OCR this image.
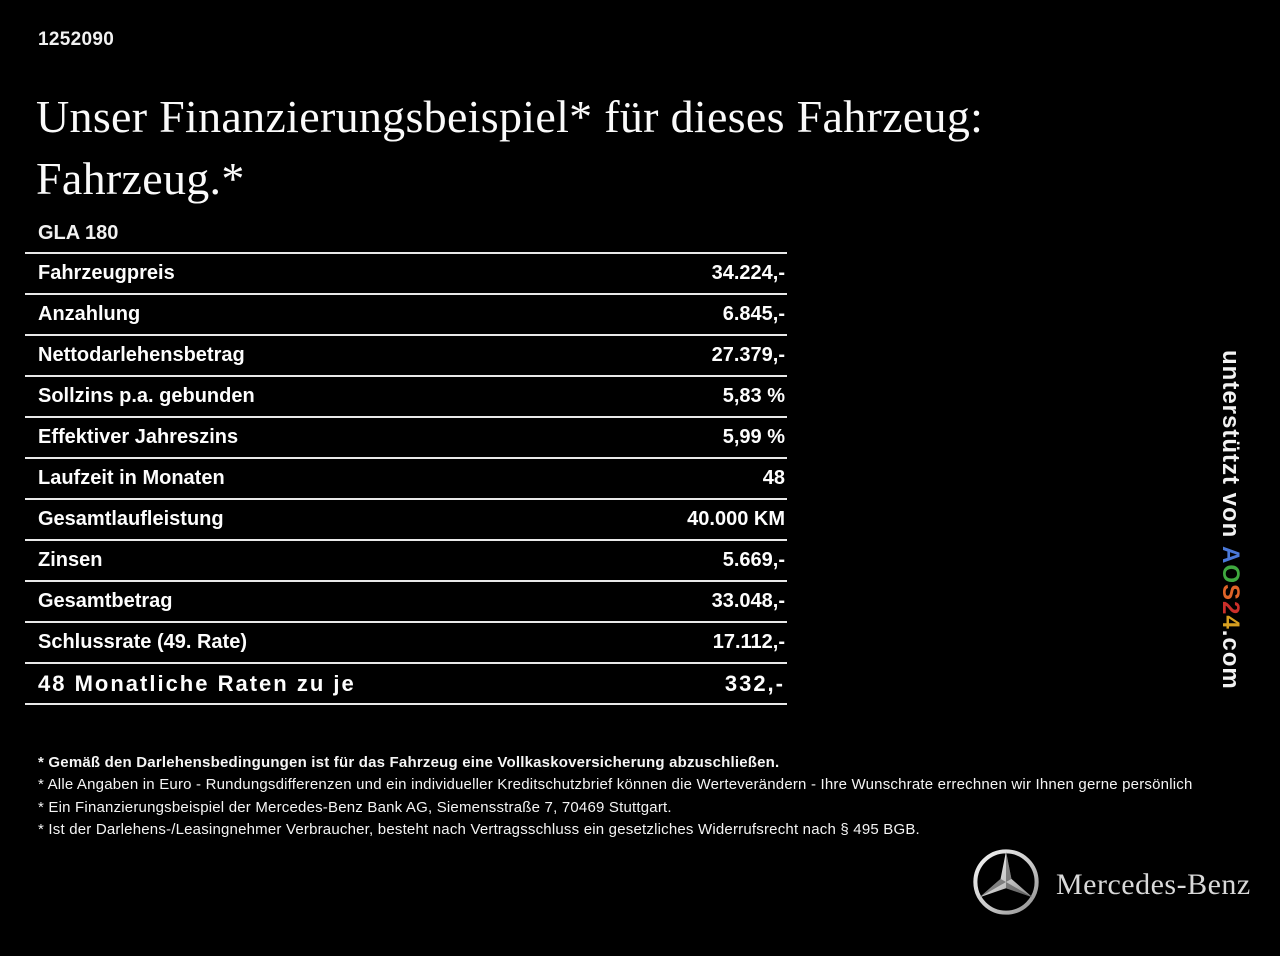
1252090
Unser Finanzierungsbeispiel* für dieses Fahrzeug:
Fahrzeug.*
GLA 180
Fahrzeugpreis	34.224,-
Anzahlung	6.845,-
Nettodarlehensbetrag	27.379,-
Sollzins p.a. gebunden	5,83 %
Effektiver Jahreszins	5,99 %
Laufzeit in Monaten	48
Gesamtlaufleistung	40.000 KM
Zinsen	5.669,-
Gesamtbetrag	33.048,-
Schlussrate (49. Rate)	17.112,-
48 Monatliche Raten zu je	332,-
* Gemäß den Darlehensbedingungen ist für das Fahrzeug eine Vollkaskoversicherung abzuschließen.
* Alle Angaben in Euro - Rundungsdifferenzen und ein individueller Kreditschutzbrief können die Werteverändern - Ihre Wunschrate errechnen wir Ihnen gerne persönlich
* Ein Finanzierungsbeispiel der Mercedes-Benz Bank AG, Siemensstraße 7, 70469 Stuttgart.
* Ist der Darlehens-/Leasingnehmer Verbraucher, besteht nach Vertragsschluss ein gesetzliches Widerrufsrecht nach § 495 BGB.
unterstützt von AOS24.com
Mercedes-Benz
